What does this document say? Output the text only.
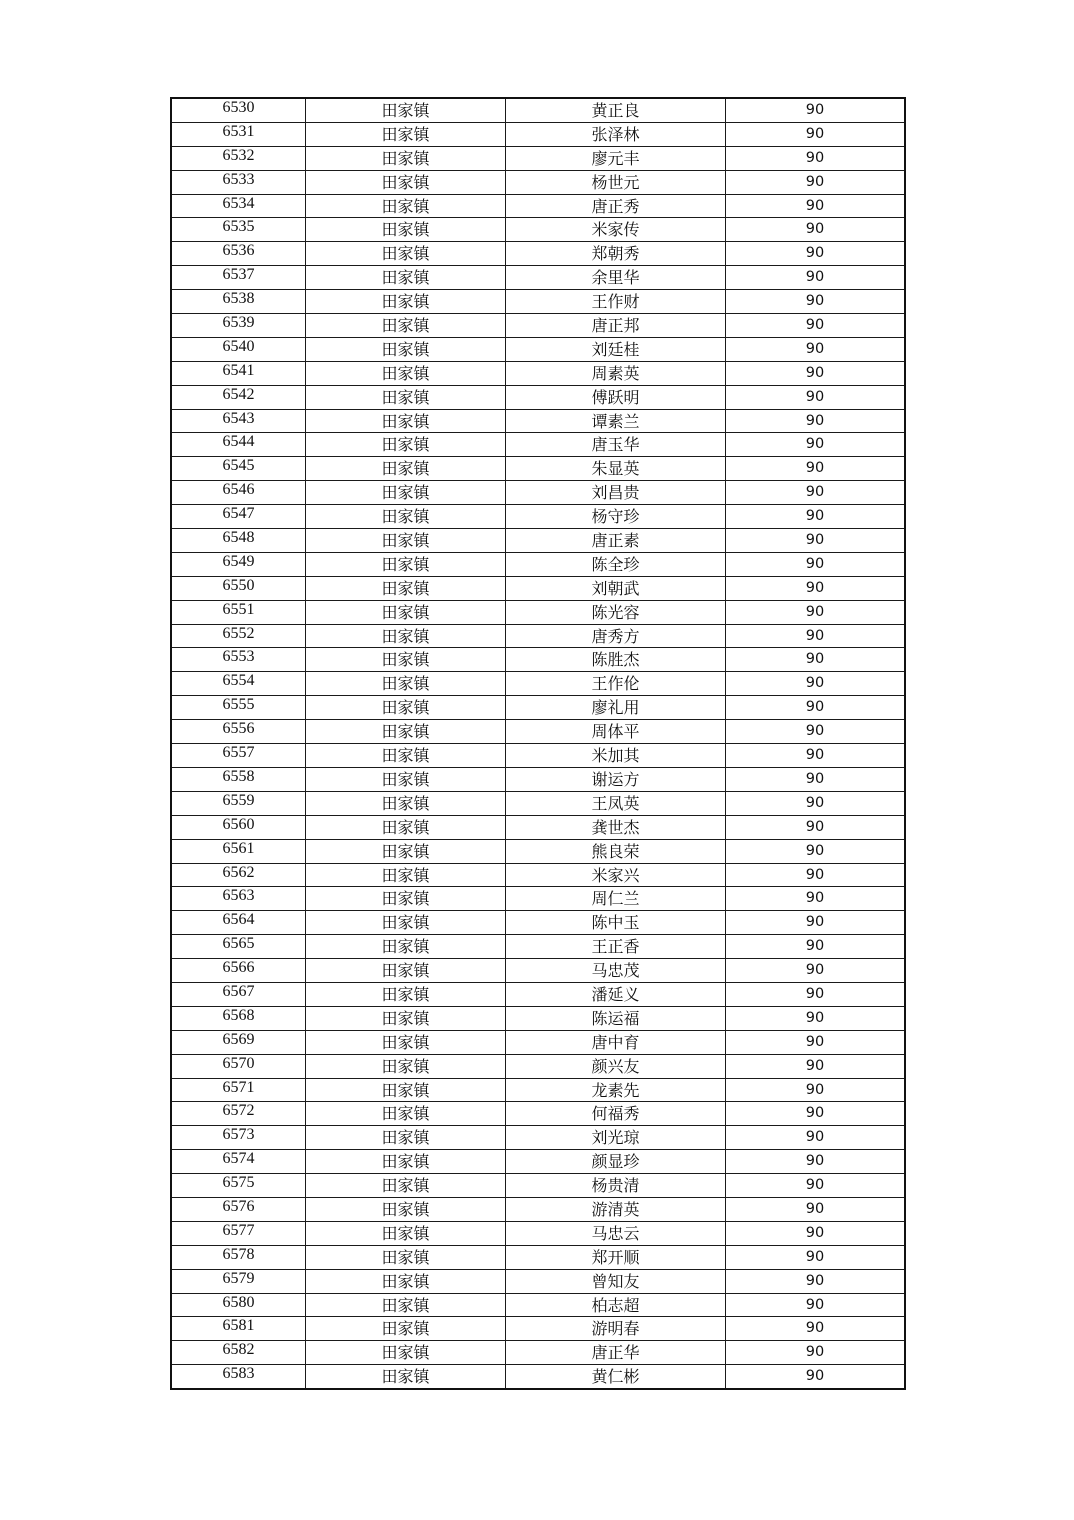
6530	田家镇	黄正良	90
6531	田家镇	张泽林	90
6532	田家镇	廖元丰	90
6533	田家镇	杨世元	90
6534	田家镇	唐正秀	90
6535	田家镇	米家传	90
6536	田家镇	郑朝秀	90
6537	田家镇	余里华	90
6538	田家镇	王作财	90
6539	田家镇	唐正邦	90
6540	田家镇	刘廷桂	90
6541	田家镇	周素英	90
6542	田家镇	傅跃明	90
6543	田家镇	谭素兰	90
6544	田家镇	唐玉华	90
6545	田家镇	朱显英	90
6546	田家镇	刘昌贵	90
6547	田家镇	杨守珍	90
6548	田家镇	唐正素	90
6549	田家镇	陈全珍	90
6550	田家镇	刘朝武	90
6551	田家镇	陈光容	90
6552	田家镇	唐秀方	90
6553	田家镇	陈胜杰	90
6554	田家镇	王作伦	90
6555	田家镇	廖礼用	90
6556	田家镇	周体平	90
6557	田家镇	米加其	90
6558	田家镇	谢运方	90
6559	田家镇	王凤英	90
6560	田家镇	龚世杰	90
6561	田家镇	熊良荣	90
6562	田家镇	米家兴	90
6563	田家镇	周仁兰	90
6564	田家镇	陈中玉	90
6565	田家镇	王正香	90
6566	田家镇	马忠茂	90
6567	田家镇	潘延义	90
6568	田家镇	陈运福	90
6569	田家镇	唐中育	90
6570	田家镇	颜兴友	90
6571	田家镇	龙素先	90
6572	田家镇	何福秀	90
6573	田家镇	刘光琼	90
6574	田家镇	颜显珍	90
6575	田家镇	杨贵清	90
6576	田家镇	游清英	90
6577	田家镇	马忠云	90
6578	田家镇	郑开顺	90
6579	田家镇	曾知友	90
6580	田家镇	柏志超	90
6581	田家镇	游明春	90
6582	田家镇	唐正华	90
6583	田家镇	黄仁彬	90
